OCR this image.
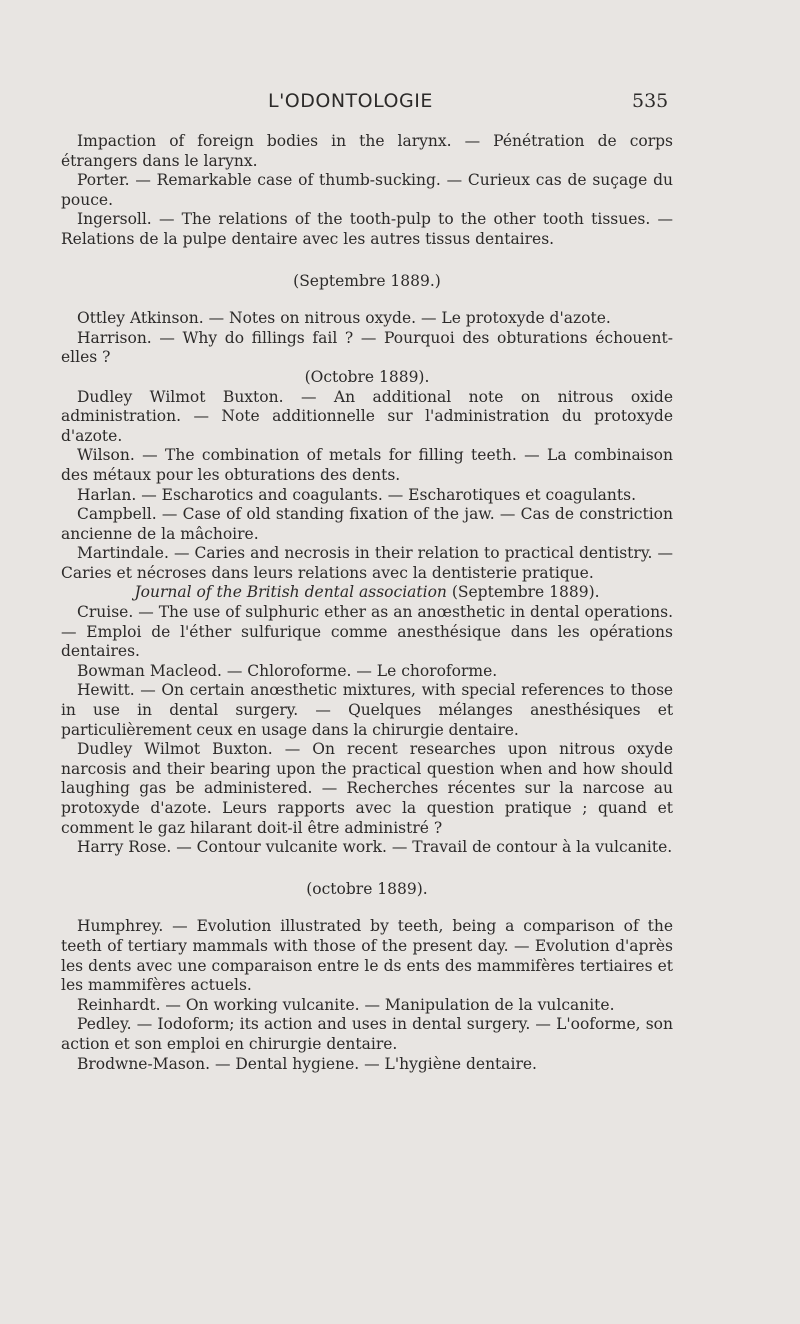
L'ODONTOLOGIE	535

Impaction of foreign bodies in the larynx. — Pénétration de corps étrangers dans le larynx.

Porter. — Remarkable case of thumb-sucking. — Curieux cas de suçage du pouce.

Ingersoll. — The relations of the tooth-pulp to the other tooth tissues. — Relations de la pulpe dentaire avec les autres tissus dentaires.

(Septembre 1889.)

Ottley Atkinson. — Notes on nitrous oxyde. — Le protoxyde d'azote.

Harrison. — Why do fillings fail ? — Pourquoi des obturations échouent-elles ?

(Octobre 1889).

Dudley Wilmot Buxton. — An additional note on nitrous oxide administration. — Note additionnelle sur l'administration du protoxyde d'azote.

Wilson. — The combination of metals for filling teeth. — La combinaison des métaux pour les obturations des dents.

Harlan. — Escharotics and coagulants. — Escharotiques et coagulants.

Campbell. — Case of old standing fixation of the jaw. — Cas de constriction ancienne de la mâchoire.

Martindale. — Caries and necrosis in their relation to practical dentistry. — Caries et nécroses dans leurs relations avec la dentisterie pratique.

Journal of the British dental association (Septembre 1889).

Cruise. — The use of sulphuric ether as an anœsthetic in dental operations. — Emploi de l'éther sulfurique comme anesthésique dans les opérations dentaires.

Bowman Macleod. — Chloroforme. — Le choroforme.

Hewitt. — On certain anœsthetic mixtures, with special references to those in use in dental surgery. — Quelques mélanges anesthésiques et particulièrement ceux en usage dans la chirurgie dentaire.

Dudley Wilmot Buxton. — On recent researches upon nitrous oxyde narcosis and their bearing upon the practical question when and how should laughing gas be administered. — Recherches récentes sur la narcose au protoxyde d'azote. Leurs rapports avec la question pratique ; quand et comment le gaz hilarant doit-il être administré ?

Harry Rose. — Contour vulcanite work. — Travail de contour à la vulcanite.

(octobre 1889).

Humphrey. — Evolution illustrated by teeth, being a comparison of the teeth of tertiary mammals with those of the present day. — Evolution d'après les dents avec une comparaison entre le ds ents des mammifères tertiaires et les mammifères actuels.

Reinhardt. — On working vulcanite. — Manipulation de la vulcanite.

Pedley. — Iodoform; its action and uses in dental surgery. — L'ooforme, son action et son emploi en chirurgie dentaire.

Brodwne-Mason. — Dental hygiene. — L'hygiène dentaire.
